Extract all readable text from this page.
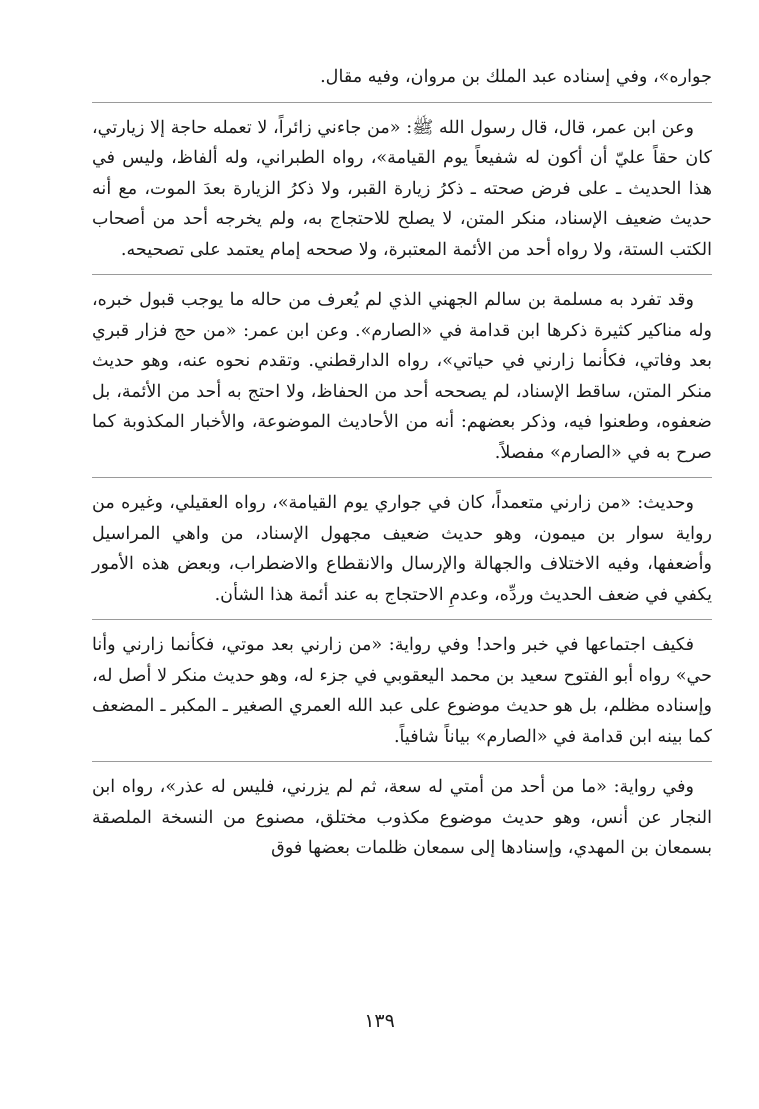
جواره»، وفي إسناده عبد الملك بن مروان، وفيه مقال.

وعن ابن عمر، قال، قال رسول الله ﷺ: «من جاءني زائراً، لا تعمله حاجة إلا زيارتي، كان حقاً عليّ أن أكون له شفيعاً يوم القيامة»، رواه الطبراني، وله ألفاظ، وليس في هذا الحديث ـ على فرض صحته ـ ذكرُ زيارة القبر، ولا ذكرُ الزيارة بعدَ الموت، مع أنه حديث ضعيف الإسناد، منكر المتن، لا يصلح للاحتجاج به، ولم يخرجه أحد من أصحاب الكتب الستة، ولا رواه أحد من الأئمة المعتبرة، ولا صححه إمام يعتمد على تصحيحه.

وقد تفرد به مسلمة بن سالم الجهني الذي لم يُعرف من حاله ما يوجب قبول خبره، وله مناكير كثيرة ذكرها ابن قدامة في «الصارم». وعن ابن عمر: «من حج فزار قبري بعد وفاتي، فكأنما زارني في حياتي»، رواه الدارقطني. وتقدم نحوه عنه، وهو حديث منكر المتن، ساقط الإسناد، لم يصححه أحد من الحفاظ، ولا احتج به أحد من الأئمة، بل ضعفوه، وطعنوا فيه، وذكر بعضهم: أنه من الأحاديث الموضوعة، والأخبار المكذوبة كما صرح به في «الصارم» مفصلاً.

وحديث: «من زارني متعمداً، كان في جواري يوم القيامة»، رواه العقيلي، وغيره من رواية سوار بن ميمون، وهو حديث ضعيف مجهول الإسناد، من واهي المراسيل وأضعفها، وفيه الاختلاف والجهالة والإرسال والانقطاع والاضطراب، وبعض هذه الأمور يكفي في ضعف الحديث وردِّه، وعدمِ الاحتجاج به عند أئمة هذا الشأن.

فكيف اجتماعها في خبر واحد! وفي رواية: «من زارني بعد موتي، فكأنما زارني وأنا حي» رواه أبو الفتوح سعيد بن محمد اليعقوبي في جزء له، وهو حديث منكر لا أصل له، وإسناده مظلم، بل هو حديث موضوع على عبد الله العمري الصغير ـ المكبر ـ المضعف كما بينه ابن قدامة في «الصارم» بياناً شافياً.

وفي رواية: «ما من أحد من أمتي له سعة، ثم لم يزرني، فليس له عذر»، رواه ابن النجار عن أنس، وهو حديث موضوع مكذوب مختلق، مصنوع من النسخة الملصقة بسمعان بن المهدي، وإسنادها إلى سمعان ظلمات بعضها فوق

١٣٩
